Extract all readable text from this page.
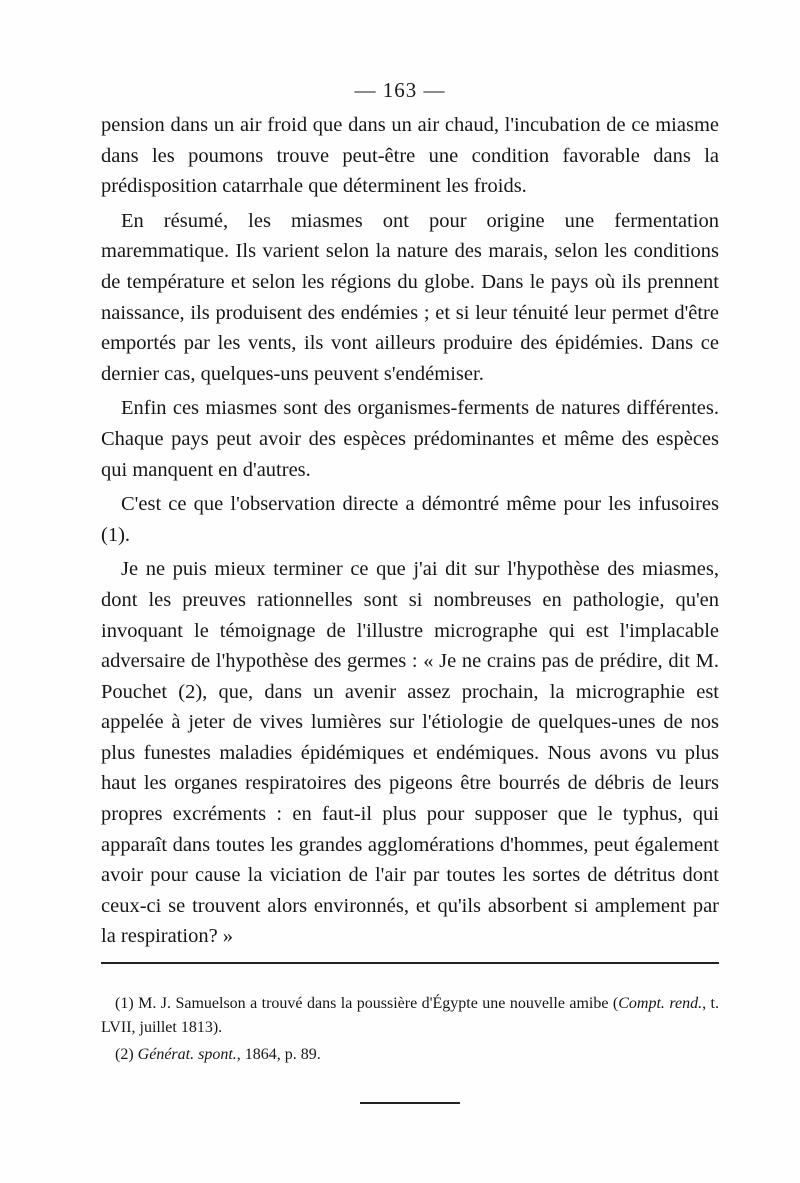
— 163 —

pension dans un air froid que dans un air chaud, l'incubation de ce miasme dans les poumons trouve peut-être une condition favorable dans la prédisposition catarrhale que déterminent les froids.

En résumé, les miasmes ont pour origine une fermentation maremmatique. Ils varient selon la nature des marais, selon les conditions de température et selon les régions du globe. Dans le pays où ils prennent naissance, ils produisent des endémies ; et si leur ténuité leur permet d'être emportés par les vents, ils vont ailleurs produire des épidémies. Dans ce dernier cas, quelques-uns peuvent s'endémiser.

Enfin ces miasmes sont des organismes-ferments de natures différentes. Chaque pays peut avoir des espèces prédominantes et même des espèces qui manquent en d'autres.

C'est ce que l'observation directe a démontré même pour les infusoires (1).

Je ne puis mieux terminer ce que j'ai dit sur l'hypothèse des miasmes, dont les preuves rationnelles sont si nombreuses en pathologie, qu'en invoquant le témoignage de l'illustre micrographe qui est l'implacable adversaire de l'hypothèse des germes : « Je ne crains pas de prédire, dit M. Pouchet (2), que, dans un avenir assez prochain, la micrographie est appelée à jeter de vives lumières sur l'étiologie de quelques-unes de nos plus funestes maladies épidémiques et endémiques. Nous avons vu plus haut les organes respiratoires des pigeons être bourrés de débris de leurs propres excréments : en faut-il plus pour supposer que le typhus, qui apparaît dans toutes les grandes agglomérations d'hommes, peut également avoir pour cause la viciation de l'air par toutes les sortes de détritus dont ceux-ci se trouvent alors environnés, et qu'ils absorbent si amplement par la respiration? »

(1) M. J. Samuelson a trouvé dans la poussière d'Égypte une nouvelle amibe (Compt. rend., t. LVII, juillet 1813).

(2) Générat. spont., 1864, p. 89.
